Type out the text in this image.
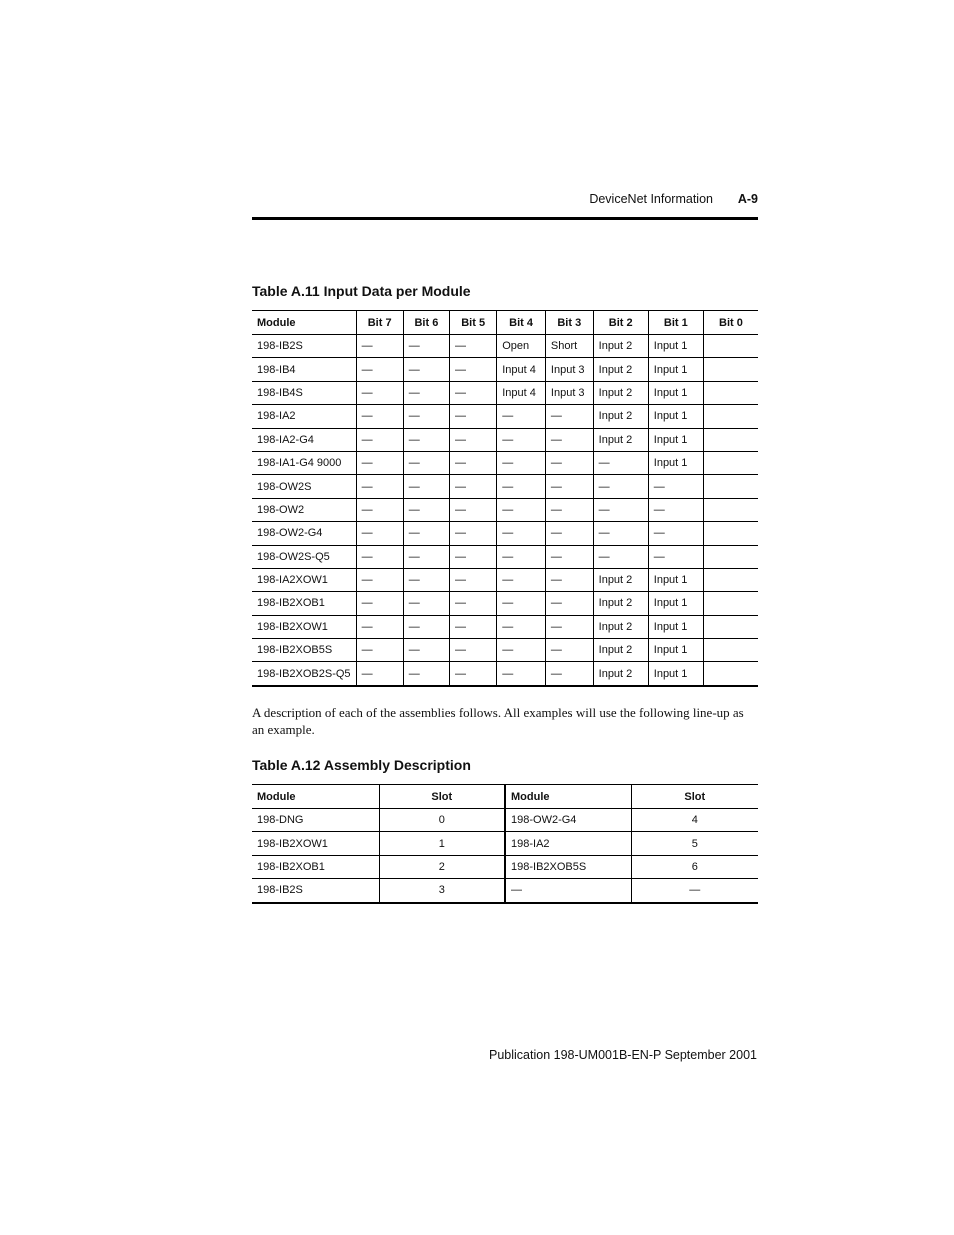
DeviceNet Information A-9
Table A.11 Input Data per Module
Module	Bit 7	Bit 6	Bit 5	Bit 4	Bit 3	Bit 2	Bit 1	Bit 0
198-IB2S	—	—	—	Open	Short	Input 2	Input 1	
198-IB4	—	—	—	Input 4	Input 3	Input 2	Input 1	
198-IB4S	—	—	—	Input 4	Input 3	Input 2	Input 1	
198-IA2	—	—	—	—	—	Input 2	Input 1	
198-IA2-G4	—	—	—	—	—	Input 2	Input 1	
198-IA1-G4 9000	—	—	—	—	—	—	Input 1	
198-OW2S	—	—	—	—	—	—	—	
198-OW2	—	—	—	—	—	—	—	
198-OW2-G4	—	—	—	—	—	—	—	
198-OW2S-Q5	—	—	—	—	—	—	—	
198-IA2XOW1	—	—	—	—	—	Input 2	Input 1	
198-IB2XOB1	—	—	—	—	—	Input 2	Input 1	
198-IB2XOW1	—	—	—	—	—	Input 2	Input 1	
198-IB2XOB5S	—	—	—	—	—	Input 2	Input 1	
198-IB2XOB2S-Q5	—	—	—	—	—	Input 2	Input 1	
A description of each of the assemblies follows. All examples will use the following line-up as an example.
Table A.12 Assembly Description
Module	Slot	Module	Slot
198-DNG	0	198-OW2-G4	4
198-IB2XOW1	1	198-IA2	5
198-IB2XOB1	2	198-IB2XOB5S	6
198-IB2S	3	—	—
Publication 198-UM001B-EN-P September 2001
